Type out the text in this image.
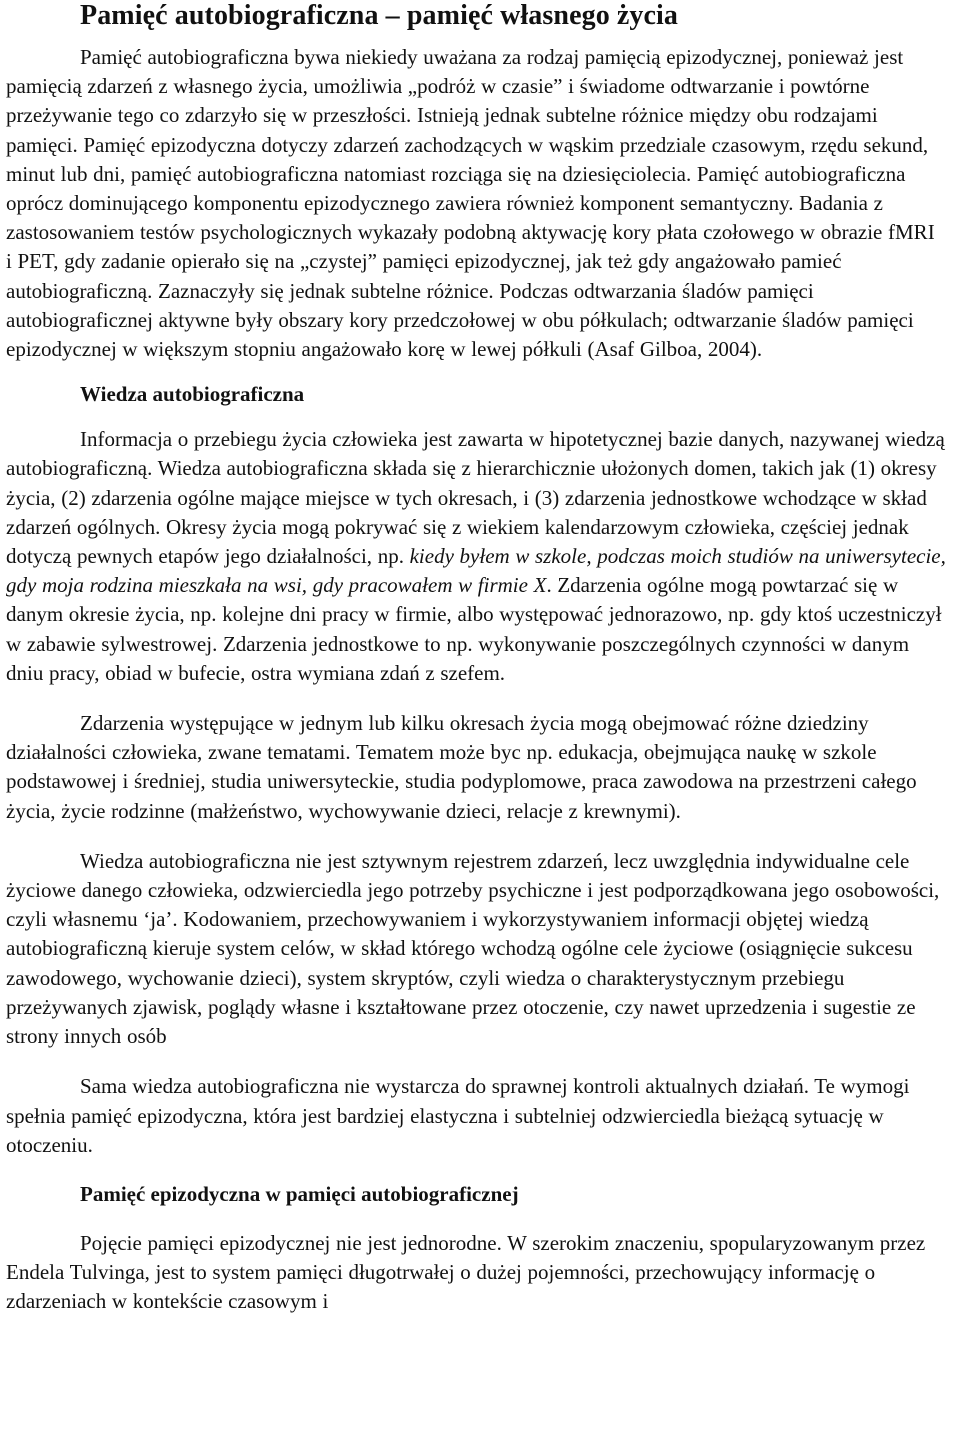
Pamięć autobiograficzna – pamięć własnego życia

Pamięć autobiograficzna bywa niekiedy uważana za rodzaj pamięcią epizodycznej, ponieważ jest pamięcią zdarzeń z własnego życia, umożliwia „podróż w czasie” i świadome odtwarzanie i powtórne przeżywanie tego co zdarzyło się w przeszłości. Istnieją jednak subtelne różnice między obu rodzajami pamięci. Pamięć epizodyczna dotyczy zdarzeń zachodzących w wąskim przedziale czasowym, rzędu sekund, minut lub dni, pamięć autobiograficzna natomiast rozciąga się na dziesięciolecia. Pamięć autobiograficzna oprócz dominującego komponentu epizodycznego zawiera również komponent semantyczny. Badania z zastosowaniem testów psychologicznych wykazały podobną aktywację kory płata czołowego w obrazie fMRI i PET, gdy zadanie opierało się na „czystej” pamięci epizodycznej, jak też gdy angażowało pamieć autobiograficzną. Zaznaczyły się jednak subtelne różnice. Podczas odtwarzania śladów pamięci autobiograficznej aktywne były obszary kory przedczołowej w obu półkulach; odtwarzanie śladów pamięci epizodycznej w większym stopniu angażowało korę w lewej półkuli (Asaf Gilboa, 2004).

Wiedza autobiograficzna

Informacja o przebiegu życia człowieka jest zawarta w hipotetycznej bazie danych, nazywanej wiedzą autobiograficzną. Wiedza autobiograficzna składa się z hierarchicznie ułożonych domen, takich jak (1) okresy życia, (2) zdarzenia ogólne mające miejsce w tych okresach, i (3) zdarzenia jednostkowe wchodzące w skład zdarzeń ogólnych. Okresy życia mogą pokrywać się z wiekiem kalendarzowym człowieka, częściej jednak dotyczą pewnych etapów jego działalności, np. kiedy byłem w szkole, podczas moich studiów na uniwersytecie, gdy moja rodzina mieszkała na wsi, gdy pracowałem w firmie X. Zdarzenia ogólne mogą powtarzać się w danym okresie życia, np. kolejne dni pracy w firmie, albo występować jednorazowo, np. gdy ktoś uczestniczył w zabawie sylwestrowej. Zdarzenia jednostkowe to np. wykonywanie poszczególnych czynności w danym dniu pracy, obiad w bufecie, ostra wymiana zdań z szefem.

Zdarzenia występujące w jednym lub kilku okresach życia mogą obejmować różne dziedziny działalności człowieka, zwane tematami. Tematem może byc np. edukacja, obejmująca naukę w szkole podstawowej i średniej, studia uniwersyteckie, studia podyplomowe, praca zawodowa na przestrzeni całego życia, życie rodzinne (małżeństwo, wychowywanie dzieci, relacje z krewnymi).

Wiedza autobiograficzna nie jest sztywnym rejestrem zdarzeń, lecz uwzględnia indywidualne cele życiowe danego człowieka, odzwierciedla jego potrzeby psychiczne i jest podporządkowana jego osobowości, czyli własnemu ‘ja’. Kodowaniem, przechowywaniem i wykorzystywaniem informacji objętej wiedzą autobiograficzną kieruje system celów, w skład którego wchodzą ogólne cele życiowe (osiągnięcie sukcesu zawodowego, wychowanie dzieci), system skryptów, czyli wiedza o charakterystycznym przebiegu przeżywanych zjawisk, poglądy własne i kształtowane przez otoczenie, czy nawet uprzedzenia i sugestie ze strony innych osób

Sama wiedza autobiograficzna nie wystarcza do sprawnej kontroli aktualnych działań. Te wymogi spełnia pamięć epizodyczna, która jest bardziej elastyczna i subtelniej odzwierciedla bieżącą sytuację w otoczeniu.

Pamięć epizodyczna w pamięci autobiograficznej

Pojęcie pamięci epizodycznej nie jest jednorodne. W szerokim znaczeniu, spopularyzowanym przez Endela Tulvinga, jest to system pamięci długotrwałej o dużej pojemności, przechowujący informację o zdarzeniach w kontekście czasowym i
